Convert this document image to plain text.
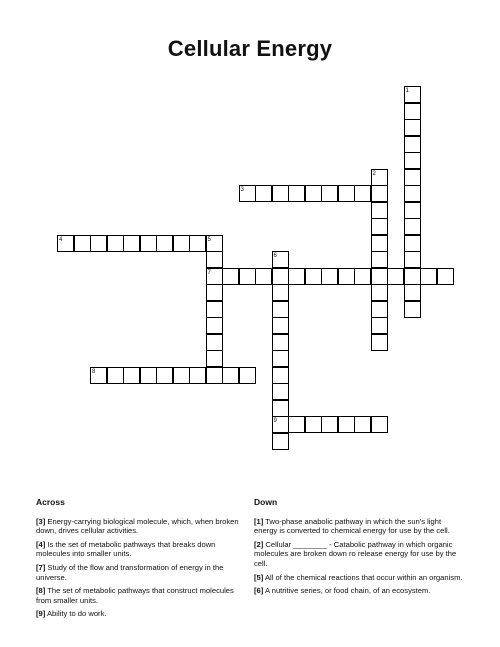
Cellular Energy
1
2
3
4	5
7
6
9
8
Across
[3] Energy-carrying biological molecule, which, when broken down, drives cellular activities.
[4] Is the set of metabolic pathways that breaks down molecules into smaller units.
[7] Study of the flow and transformation of energy in the universe.
[8] The set of metabolic pathways that construct molecules from smaller units.
[9] Ability to do work.
Down
[1] Two-phase anabolic pathway in which the sun's light energy is converted to chemical energy for use by the cell.
[2] Cellular ________ - Catabolic pathway in which organic molecules are broken down ro release energy for use by the cell.
[5] All of the chemical reactions that occur within an organism.
[6] A nutritive series, or food chain, of an ecosystem.
